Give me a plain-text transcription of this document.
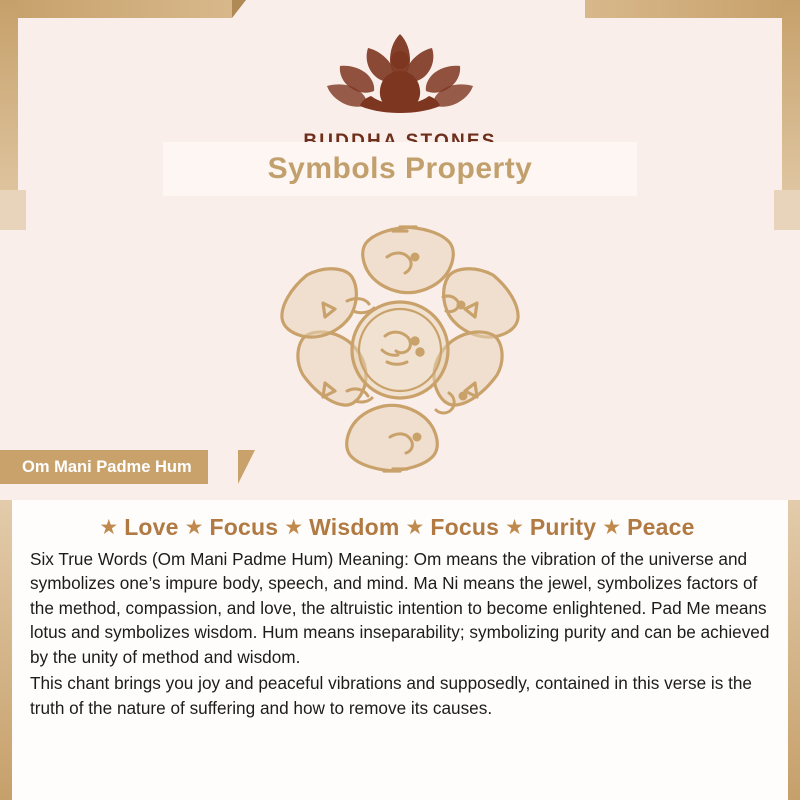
Symbols Property
Om Mani Padme Hum
★ Love ★ Focus ★ Wisdom ★ Focus ★ Purity ★ Peace

Six True Words (Om Mani Padme Hum) Meaning: Om means the vibration of the universe and symbolizes one’s impure body, speech, and mind. Ma Ni means the jewel, symbolizes factors of the method, compassion, and love, the altruistic intention to become enlightened. Pad Me means lotus and symbolizes wisdom. Hum means inseparability; symbolizing purity and can be achieved by the unity of method and wisdom.

This chant brings you joy and peaceful vibrations and supposedly, contained in this verse is the truth of the nature of suffering and how to remove its causes.
